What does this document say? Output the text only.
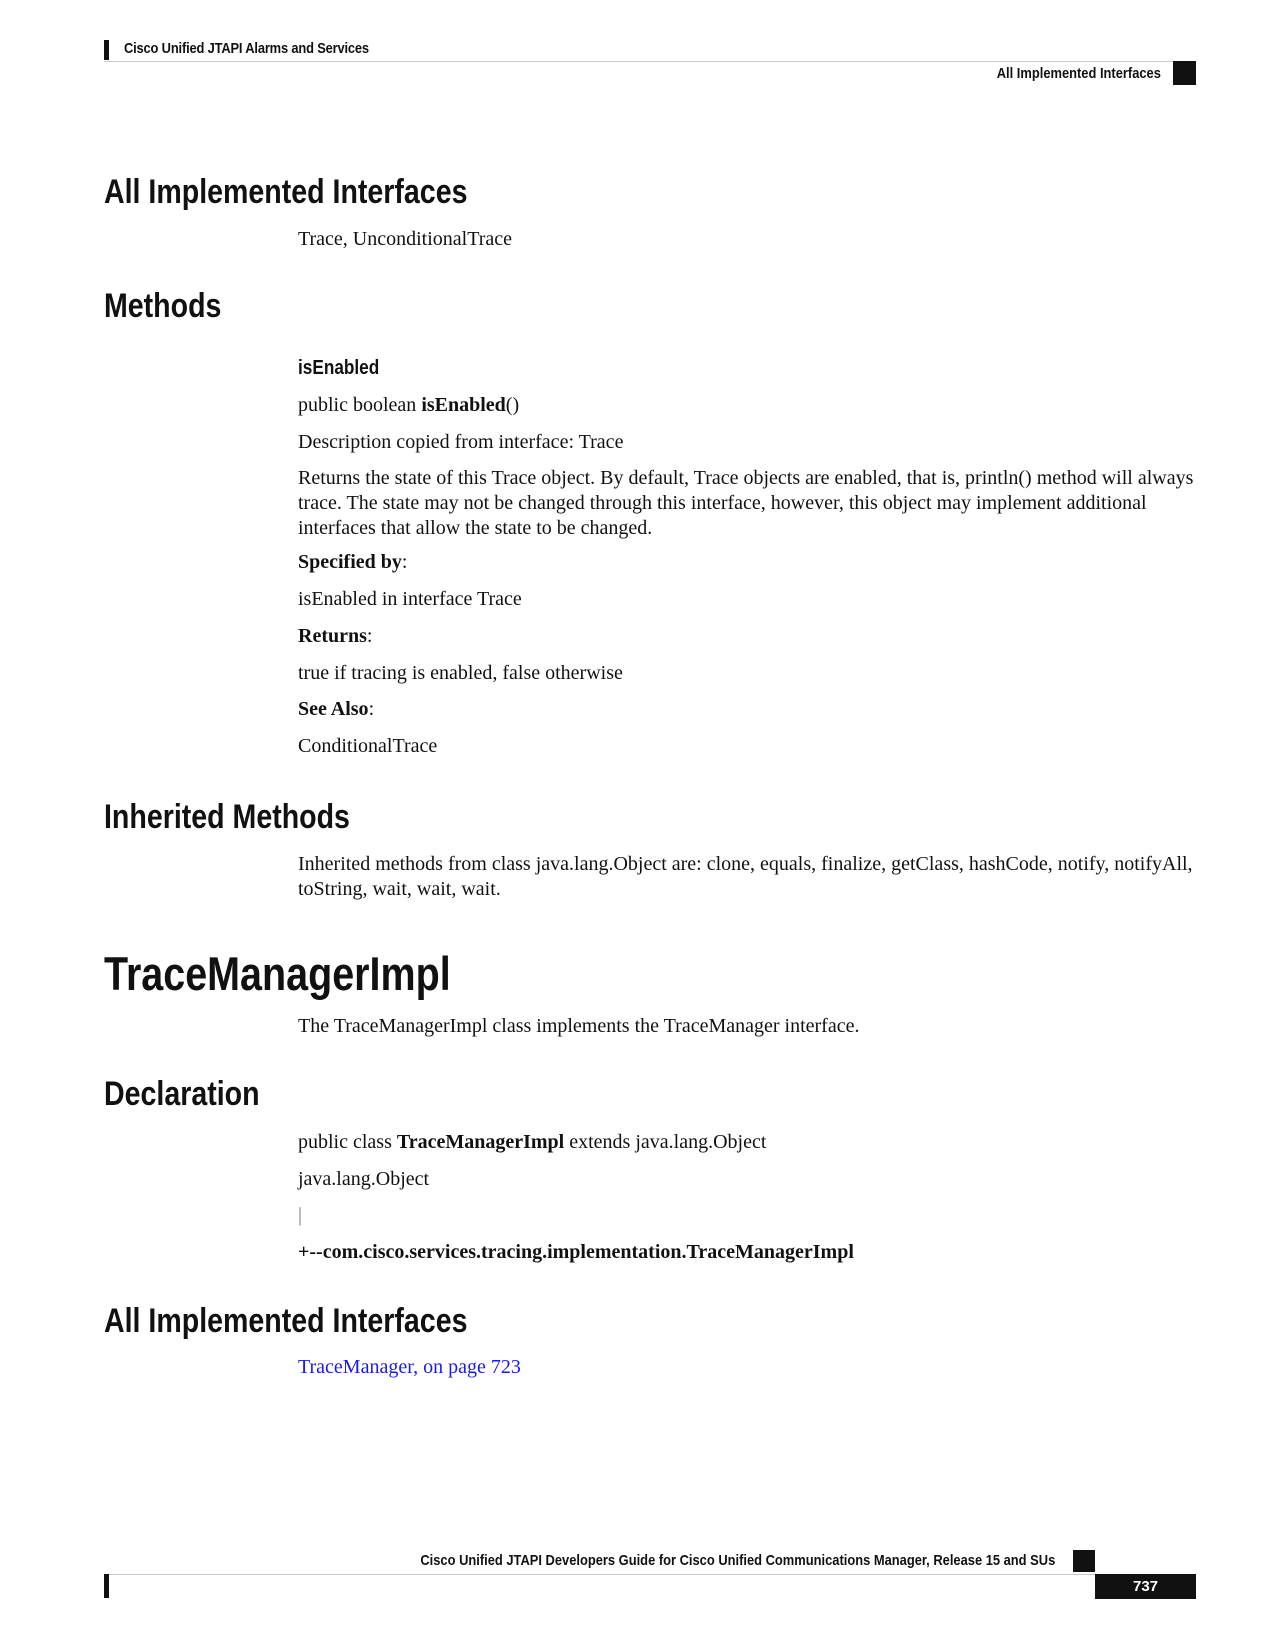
Cisco Unified JTAPI Alarms and Services
All Implemented Interfaces
All Implemented Interfaces

Trace, UnconditionalTrace

Methods
isEnabled

public boolean isEnabled()

Description copied from interface: Trace

Returns the state of this Trace object. By default, Trace objects are enabled, that is, println() method will always trace. The state may not be changed through this interface, however, this object may implement additional interfaces that allow the state to be changed.

Specified by:

isEnabled in interface Trace

Returns:

true if tracing is enabled, false otherwise

See Also:

ConditionalTrace

Inherited Methods

Inherited methods from class java.lang.Object are: clone, equals, finalize, getClass, hashCode, notify, notifyAll, toString, wait, wait, wait.

TraceManagerImpl

The TraceManagerImpl class implements the TraceManager interface.

Declaration

public class TraceManagerImpl extends java.lang.Object

java.lang.Object

|

+--com.cisco.services.tracing.implementation.TraceManagerImpl

All Implemented Interfaces

TraceManager, on page 723

Cisco Unified JTAPI Developers Guide for Cisco Unified Communications Manager, Release 15 and SUs
737
